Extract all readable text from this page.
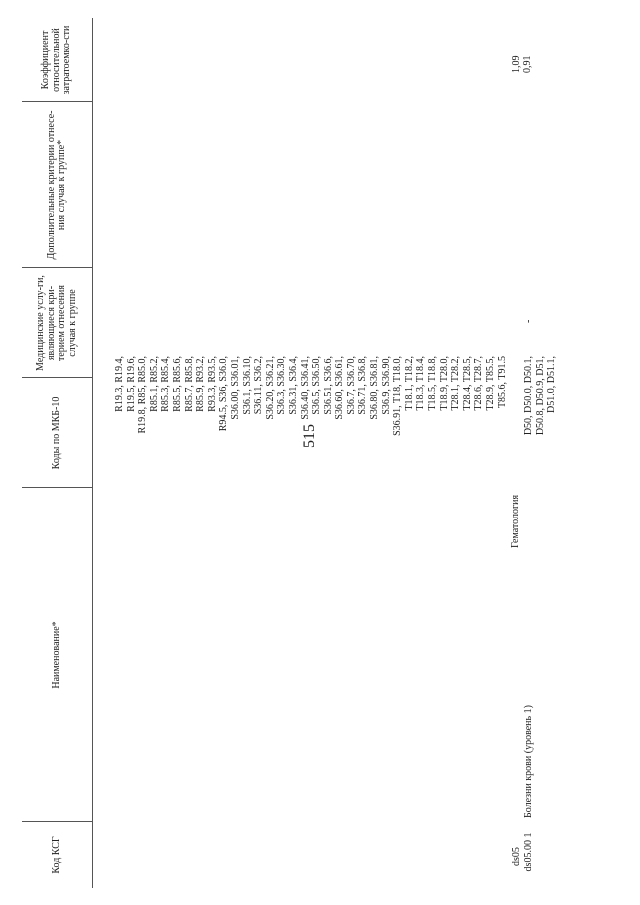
515
Код КСГ
Наименование*
Коды по МКБ-10
Медицинские услу-ги, являющиеся кри-терием отнесения случая к группе
Дополнительные критерии отнесе-ния случая к группе*
Коэффициент относительной затратоемко-сти
R19.3, R19.4, R19.5, R19.6, R19.8, R85, R85.0, R85.1, R85.2, R85.3, R85.4, R85.5, R85.6, R85.7, R85.8, R85.9, R93.2, R93.3, R93.5, R94.5, S36, S36.0, S36.00, S36.01, S36.1, S36.10, S36.11, S36.2, S36.20, S36.21, S36.3, S36.30, S36.31, S36.4, S36.40, S36.41, S36.5, S36.50, S36.51, S36.6, S36.60, S36.61, S36.7, S36.70, S36.71, S36.8, S36.80, S36.81, S36.9, S36.90, S36.91, T18, T18.0, T18.1, T18.2, T18.3, T18.4, T18.5, T18.8, T18.9, T28.0, T28.1, T28.2, T28.4, T28.5, T28.6, T28.7, T28.9, T85.5, T85.6, T91.5
ds05
Гематология
1,09
ds05.00 1
Болезни крови (уровень 1)
D50, D50.0, D50.1, D50.8, D50.9, D51, D51.0, D51.1,
-
0,91
